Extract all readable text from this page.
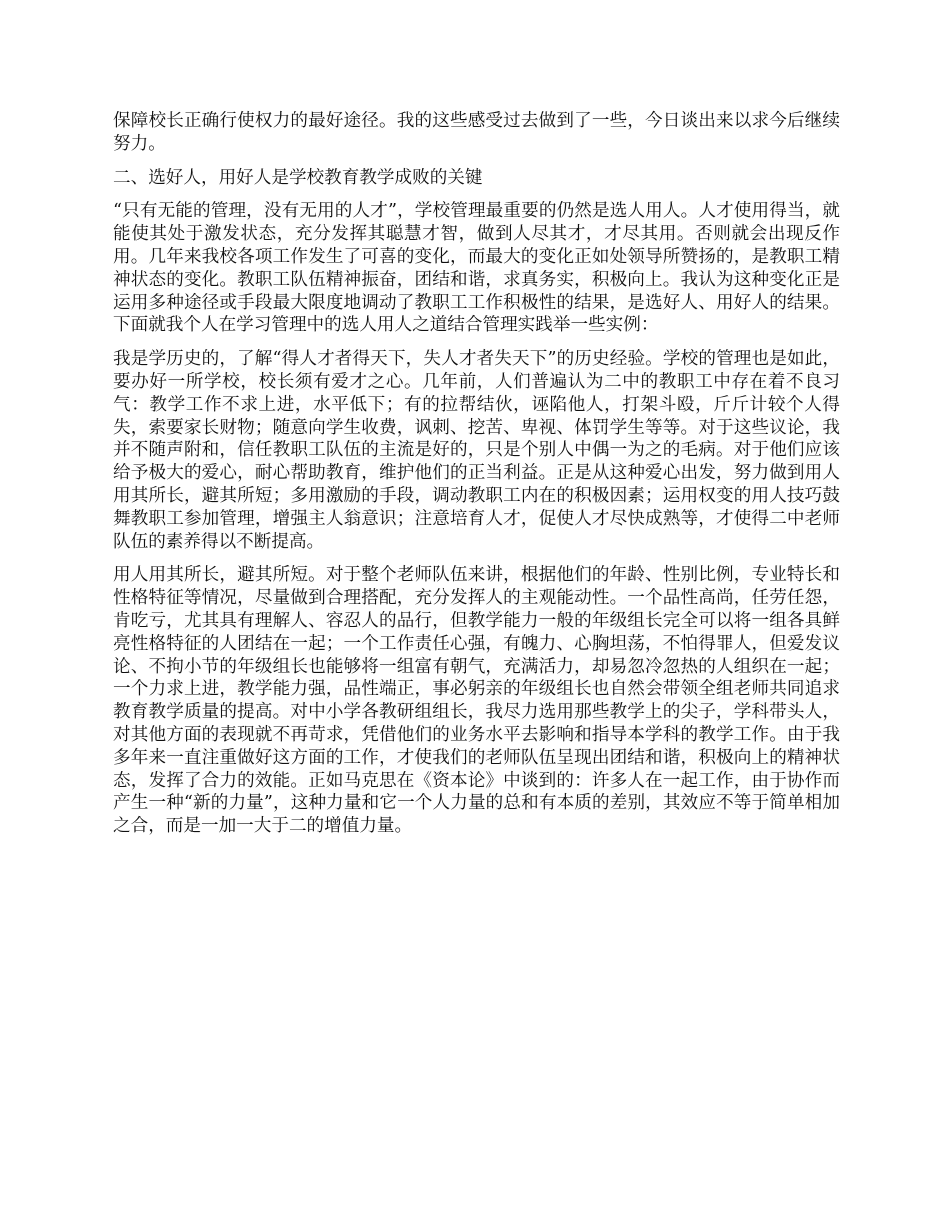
保障校长正确行使权力的最好途径。我的这些感受过去做到了一些，今日谈出来以求今后继续努力。

二、选好人，用好人是学校教育教学成败的关键

“只有无能的管理，没有无用的人才”，学校管理最重要的仍然是选人用人。人才使用得当，就能使其处于激发状态，充分发挥其聪慧才智，做到人尽其才，才尽其用。否则就会出现反作用。几年来我校各项工作发生了可喜的变化，而最大的变化正如处领导所赞扬的，是教职工精神状态的变化。教职工队伍精神振奋，团结和谐，求真务实，积极向上。我认为这种变化正是运用多种途径或手段最大限度地调动了教职工工作积极性的结果，是选好人、用好人的结果。下面就我个人在学习管理中的选人用人之道结合管理实践举一些实例：

我是学历史的，了解“得人才者得天下，失人才者失天下”的历史经验。学校的管理也是如此，要办好一所学校，校长须有爱才之心。几年前，人们普遍认为二中的教职工中存在着不良习气：教学工作不求上进，水平低下；有的拉帮结伙，诬陷他人，打架斗殴，斤斤计较个人得失，索要家长财物；随意向学生收费，讽刺、挖苦、卑视、体罚学生等等。对于这些议论，我并不随声附和，信任教职工队伍的主流是好的，只是个别人中偶一为之的毛病。对于他们应该给予极大的爱心，耐心帮助教育，维护他们的正当利益。正是从这种爱心出发，努力做到用人用其所长，避其所短；多用激励的手段，调动教职工内在的积极因素；运用权变的用人技巧鼓舞教职工参加管理，增强主人翁意识；注意培育人才，促使人才尽快成熟等，才使得二中老师队伍的素养得以不断提高。

用人用其所长，避其所短。对于整个老师队伍来讲，根据他们的年龄、性别比例，专业特长和性格特征等情况，尽量做到合理搭配，充分发挥人的主观能动性。一个品性高尚，任劳任怨，肯吃亏，尤其具有理解人、容忍人的品行，但教学能力一般的年级组长完全可以将一组各具鲜亮性格特征的人团结在一起；一个工作责任心强，有魄力、心胸坦荡，不怕得罪人，但爱发议论、不拘小节的年级组长也能够将一组富有朝气，充满活力，却易忽冷忽热的人组织在一起；一个力求上进，教学能力强，品性端正，事必躬亲的年级组长也自然会带领全组老师共同追求教育教学质量的提高。对中小学各教研组组长，我尽力选用那些教学上的尖子，学科带头人，对其他方面的表现就不再苛求，凭借他们的业务水平去影响和指导本学科的教学工作。由于我多年来一直注重做好这方面的工作，才使我们的老师队伍呈现出团结和谐，积极向上的精神状态，发挥了合力的效能。正如马克思在《资本论》中谈到的：许多人在一起工作，由于协作而产生一种“新的力量”，这种力量和它一个人力量的总和有本质的差别，其效应不等于简单相加之合，而是一加一大于二的增值力量。
